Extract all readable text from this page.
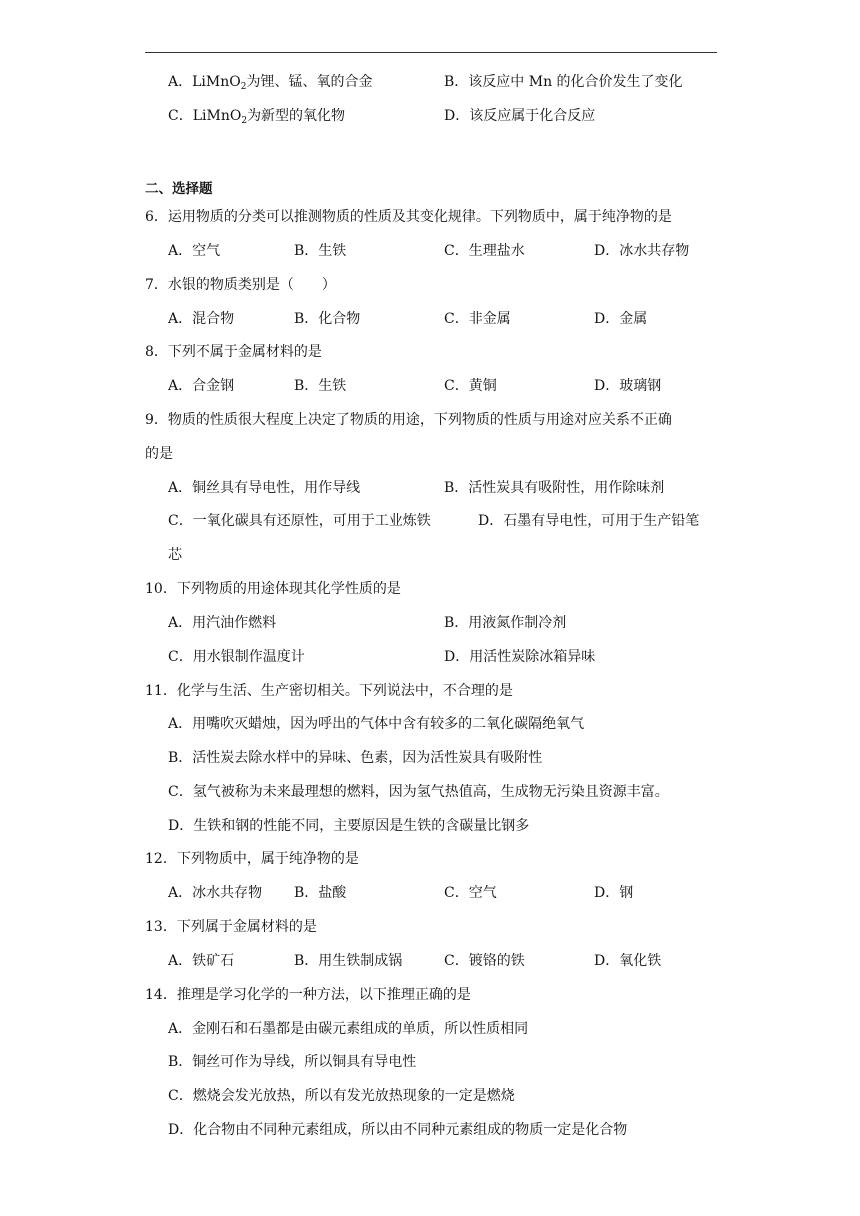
A．LiMnO$_2$为锂、锰、氧的合金	B．该反应中 Mn 的化合价发生了变化
C．LiMnO$_2$为新型的氧化物	D．该反应属于化合反应
二、选择题
6．运用物质的分类可以推测物质的性质及其变化规律。下列物质中，属于纯净物的是
A．空气	B．生铁	C．生理盐水	D．冰水共存物
7．水银的物质类别是（　　）
A．混合物	B．化合物	C．非金属	D．金属
8．下列不属于金属材料的是
A．合金钢	B．生铁	C．黄铜	D．玻璃钢
9．物质的性质很大程度上决定了物质的用途，下列物质的性质与用途对应关系不正确
的是
A．铜丝具有导电性，用作导线	B．活性炭具有吸附性，用作除味剂
C．一氧化碳具有还原性，可用于工业炼铁	D．石墨有导电性，可用于生产铅笔
芯
10．下列物质的用途体现其化学性质的是
A．用汽油作燃料	B．用液氮作制冷剂
C．用水银制作温度计	D．用活性炭除冰箱异味
11．化学与生活、生产密切相关。下列说法中，不合理的是
A．用嘴吹灭蜡烛，因为呼出的气体中含有较多的二氧化碳隔绝氧气
B．活性炭去除水样中的异味、色素，因为活性炭具有吸附性
C．氢气被称为未来最理想的燃料，因为氢气热值高，生成物无污染且资源丰富。
D．生铁和钢的性能不同，主要原因是生铁的含碳量比钢多
12．下列物质中，属于纯净物的是
A．冰水共存物 B．盐酸	C．空气	D．钢
13．下列属于金属材料的是
A．铁矿石	B．用生铁制成锅	C．镀铬的铁	D．氧化铁
14．推理是学习化学的一种方法，以下推理正确的是
A．金刚石和石墨都是由碳元素组成的单质，所以性质相同
B．铜丝可作为导线，所以铜具有导电性
C．燃烧会发光放热，所以有发光放热现象的一定是燃烧
D．化合物由不同种元素组成，所以由不同种元素组成的物质一定是化合物
